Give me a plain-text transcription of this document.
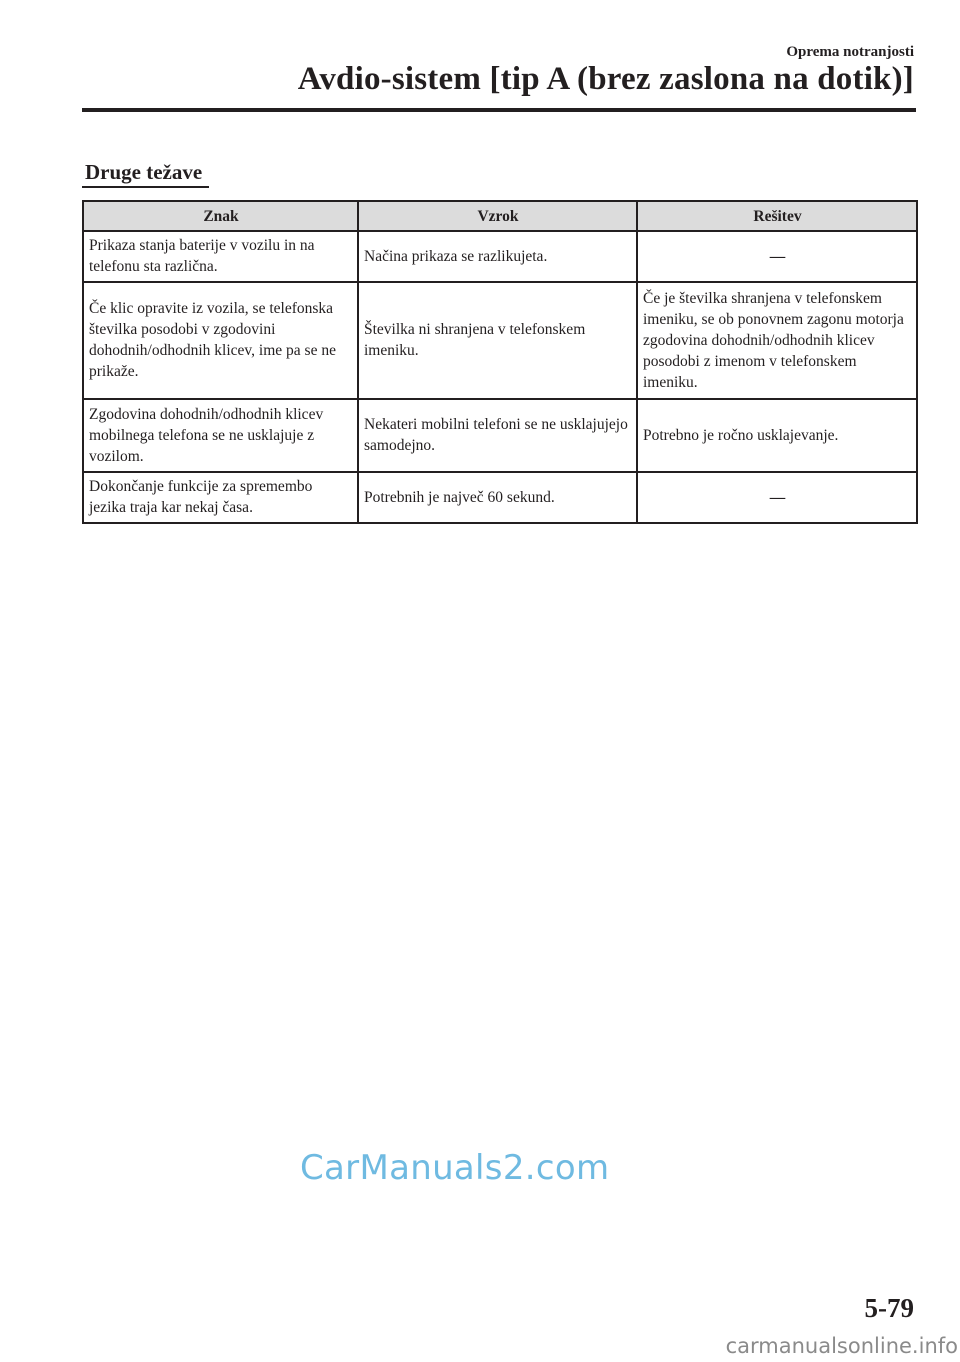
Oprema notranjosti
Avdio-sistem [tip A (brez zaslona na dotik)]
Druge težave
Znak	Vzrok	Rešitev
Prikaza stanja baterije v vozilu in na telefonu sta različna.	Načina prikaza se razlikujeta.	—
Če klic opravite iz vozila, se telefonska številka posodobi v zgodovini dohodnih/odhodnih klicev, ime pa se ne prikaže.	Številka ni shranjena v telefonskem imeniku.	Če je številka shranjena v telefonskem imeniku, se ob ponovnem zagonu motorja zgodovina dohodnih/odhodnih klicev posodobi z imenom v telefonskem imeniku.
Zgodovina dohodnih/odhodnih klicev mobilnega telefona se ne usklajuje z vozilom.	Nekateri mobilni telefoni se ne usklajujejo samodejno.	Potrebno je ročno usklajevanje.
Dokončanje funkcije za spremembo jezika traja kar nekaj časa.	Potrebnih je največ 60 sekund.	—
CarManuals2.com
5-79
carmanualsonline.info
